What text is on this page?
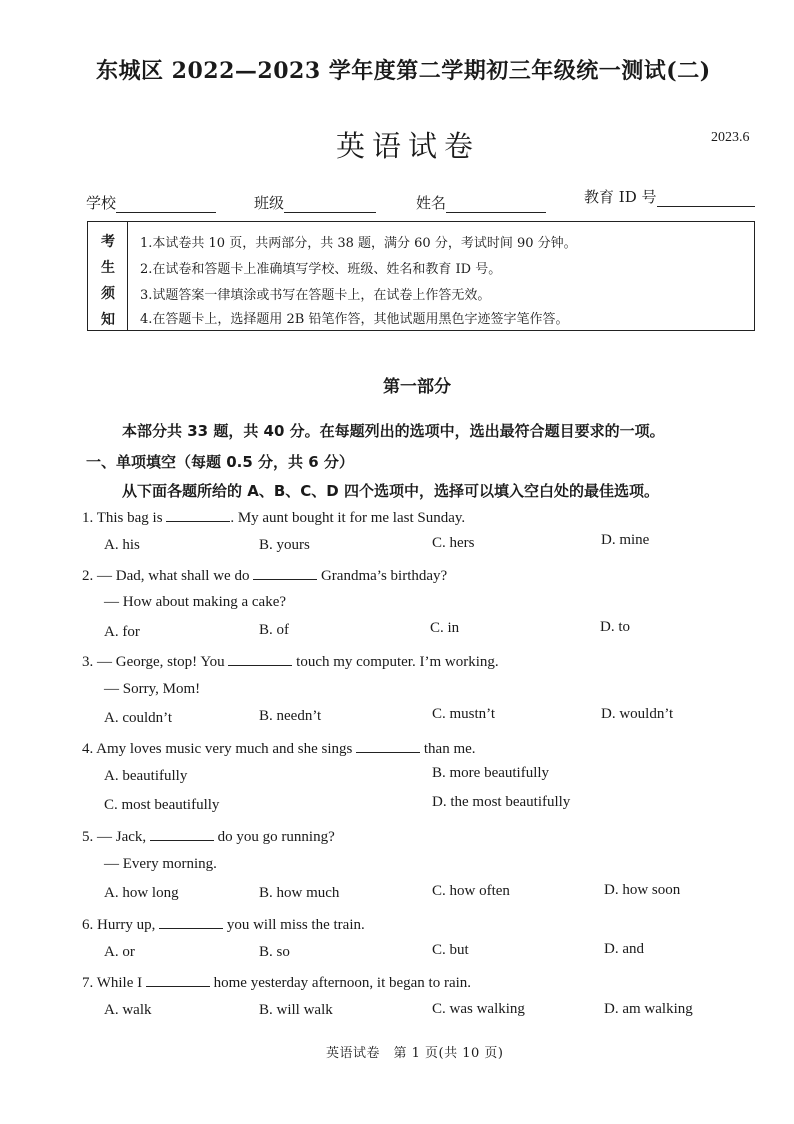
东城区 2022—2023 学年度第二学期初三年级统一测试(二)
英语试卷	2023.6
学校	班级	姓名	教育 ID 号
考
生
须
知
1.本试卷共 10 页，共两部分，共 38 题，满分 60 分，考试时间 90 分钟。
2.在试卷和答题卡上准确填写学校、班级、姓名和教育 ID 号。
3.试题答案一律填涂或书写在答题卡上，在试卷上作答无效。
4.在答题卡上，选择题用 2B 铅笔作答，其他试题用黑色字迹签字笔作答。
第一部分
本部分共 33 题，共 40 分。在每题列出的选项中，选出最符合题目要求的一项。
一、单项填空（每题 0.5 分，共 6 分）
从下面各题所给的 A、B、C、D 四个选项中，选择可以填入空白处的最佳选项。
1. This bag is	. My aunt bought it for me last Sunday.
A. his	B. yours	C. hers	D. mine
2. — Dad, what shall we do	Grandma’s birthday?
— How about making a cake?
A. for	B. of	C. in	D. to
3. — George, stop! You	touch my computer. I’m working.
— Sorry, Mom!
A. couldn’t	B. needn’t	C. mustn’t	D. wouldn’t
4. Amy loves music very much and she sings	than me.
A. beautifully	B. more beautifully
C. most beautifully	D. the most beautifully
5. — Jack,	do you go running?
— Every morning.
A. how long	B. how much	C. how often	D. how soon
6. Hurry up,	you will miss the train.
A. or	B. so	C. but	D. and
7. While I	home yesterday afternoon, it began to rain.
A. walk	B. will walk	C. was walking	D. am walking
英语试卷　第 1 页(共 10 页)
